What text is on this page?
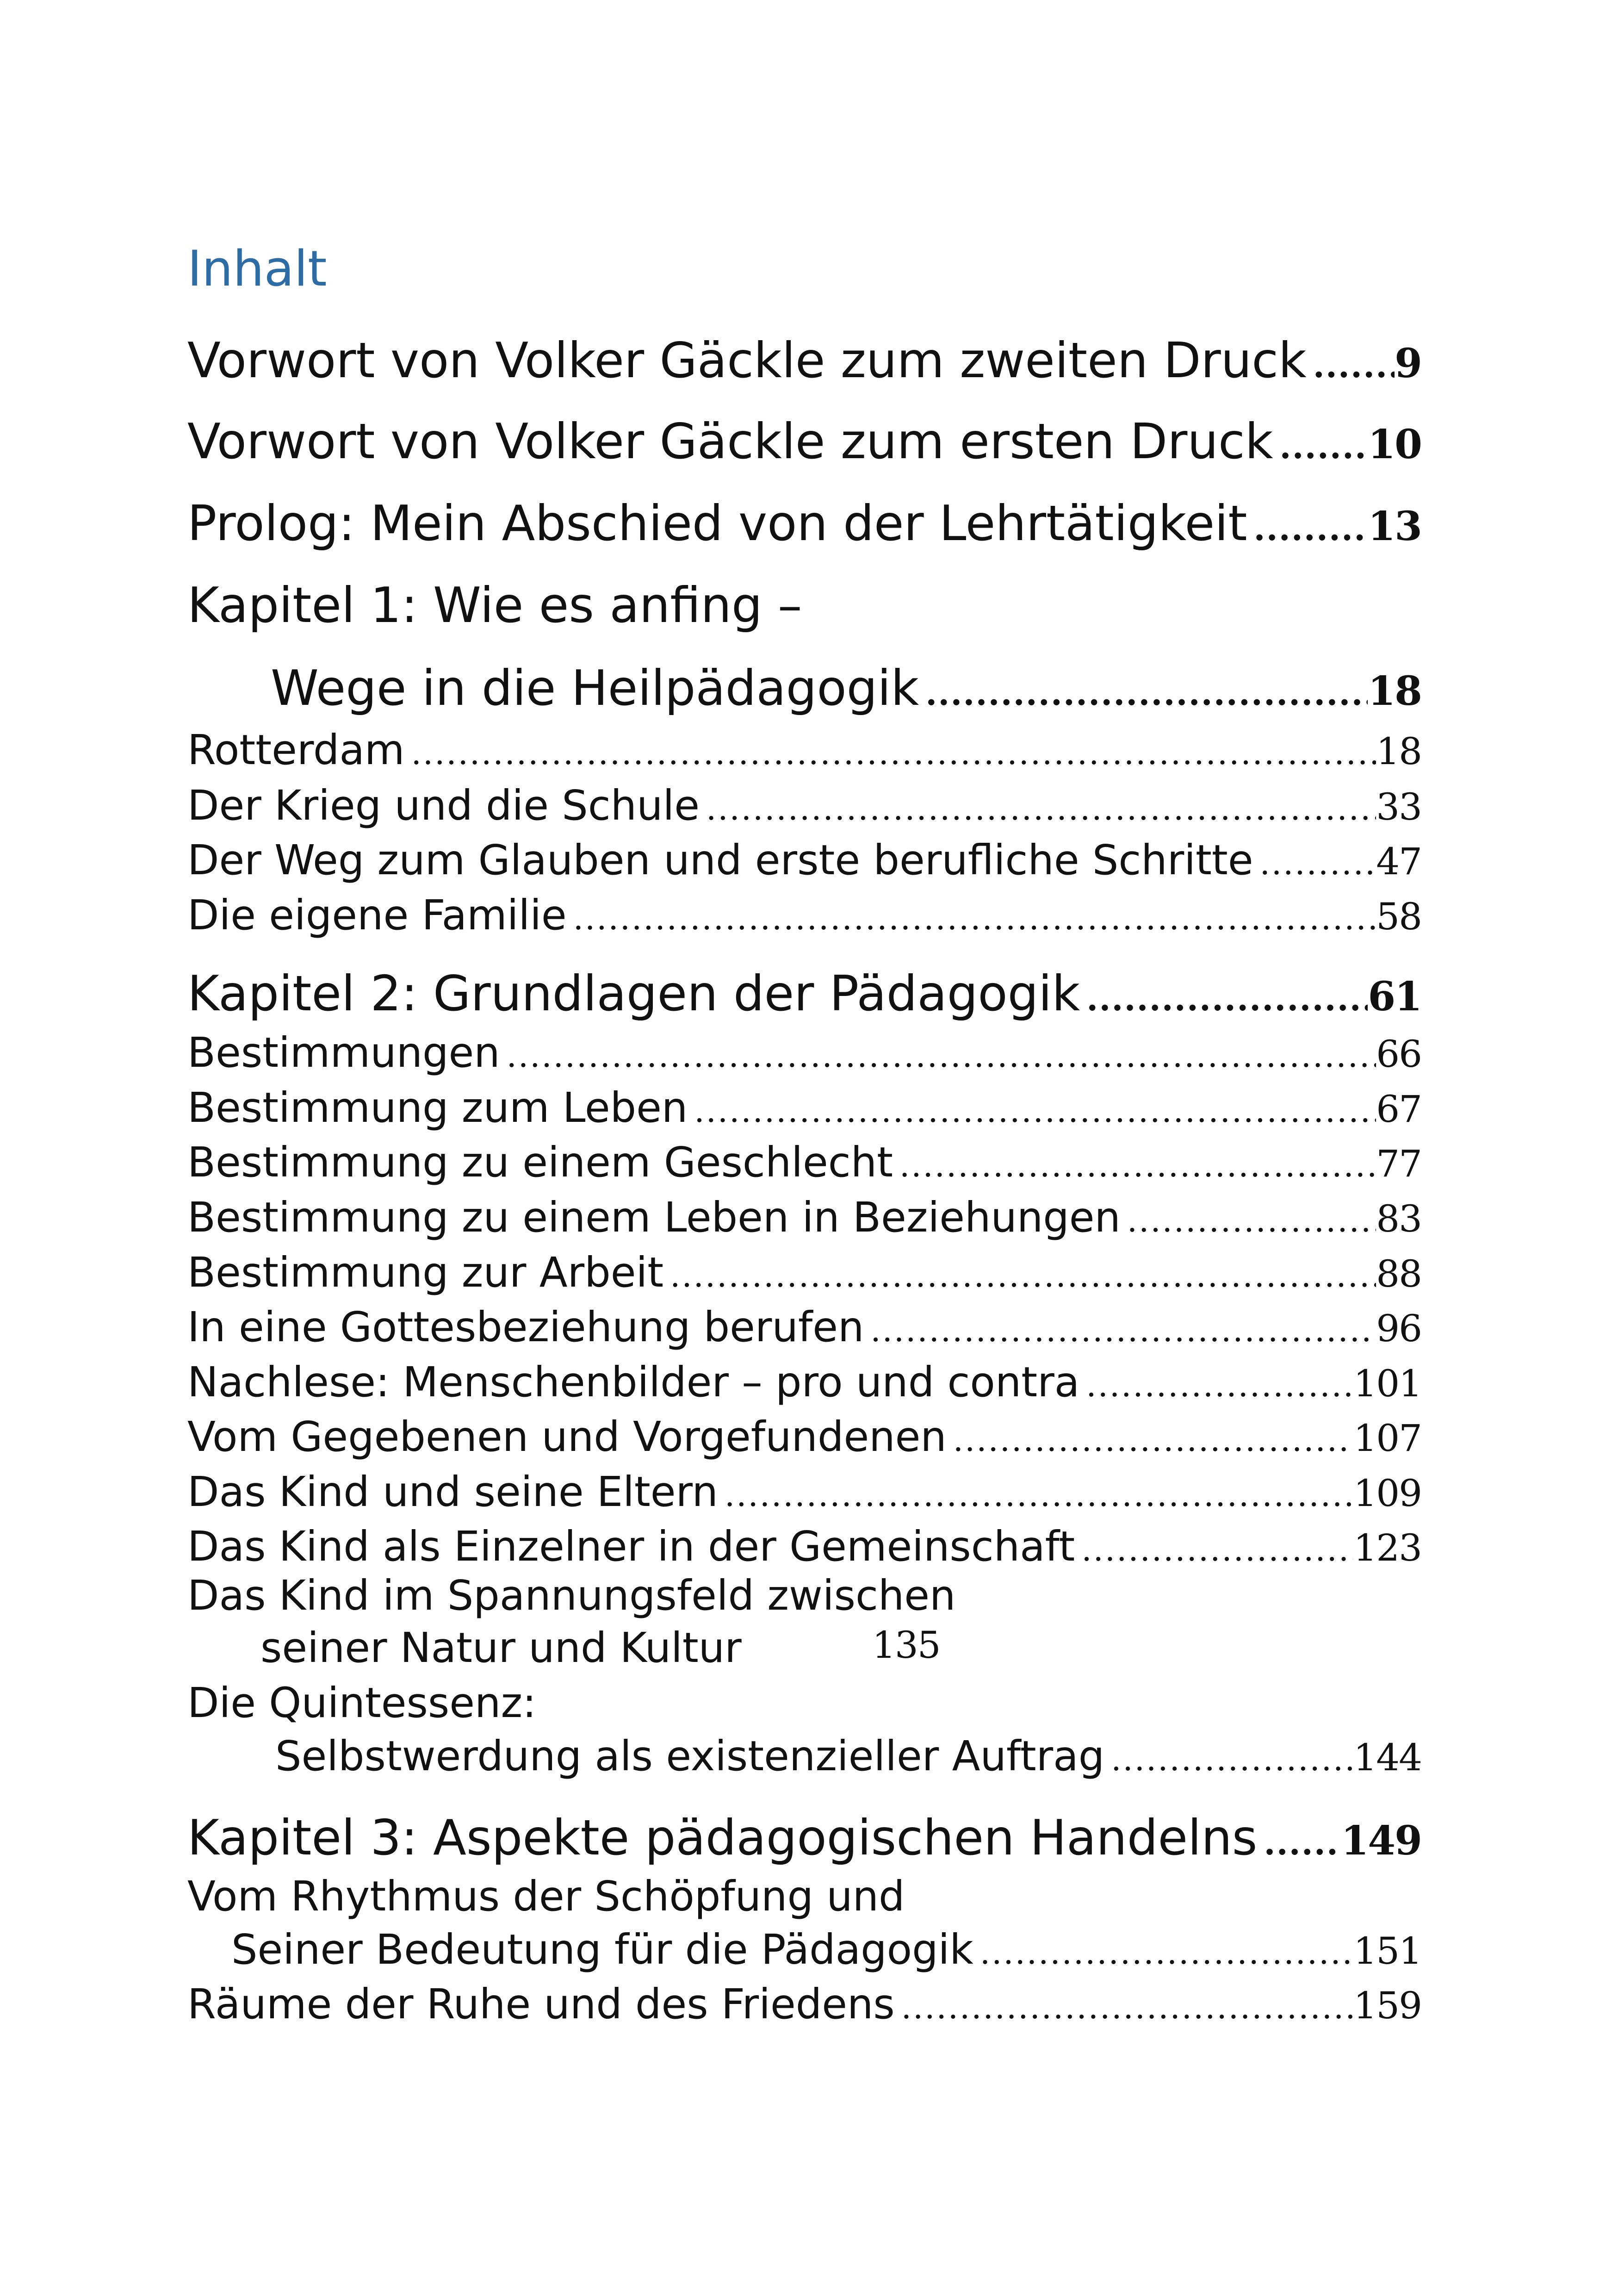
Inhalt
Vorwort von Volker Gäckle zum zweiten Druck ..... 9
Vorwort von Volker Gäckle zum ersten Druck ..... 10
Prolog: Mein Abschied von der Lehrtätigkeit .....	13
Kapitel 1: Wie es anfing –
Wege in die Heilpädagogik .....	18
Rotterdam .....	18
Der Krieg und die Schule .....	33
Der Weg zum Glauben und erste berufliche Schritte .....	47
Die eigene Familie .....	58
Kapitel 2: Grundlagen der Pädagogik .....	61
Bestimmungen .....	66
Bestimmung zum Leben .....	67
Bestimmung zu einem Geschlecht .....	77
Bestimmung zu einem Leben in Beziehungen .....	83
Bestimmung zur Arbeit .....	88
In eine Gottesbeziehung berufen .....	96
Nachlese: Menschenbilder – pro und contra .....	101
Vom Gegebenen und Vorgefundenen .....	107
Das Kind und seine Eltern .....	109
Das Kind als Einzelner in der Gemeinschaft .....	123
Das Kind im Spannungsfeld zwischen
seiner Natur und Kultur	135
Die Quintessenz:
Selbstwerdung als existenzieller Auftrag .....	144
Kapitel 3: Aspekte pädagogischen Handelns ..... 149
Vom Rhythmus der Schöpfung und
Seiner Bedeutung für die Pädagogik .....	151
Räume der Ruhe und des Friedens .....	159
